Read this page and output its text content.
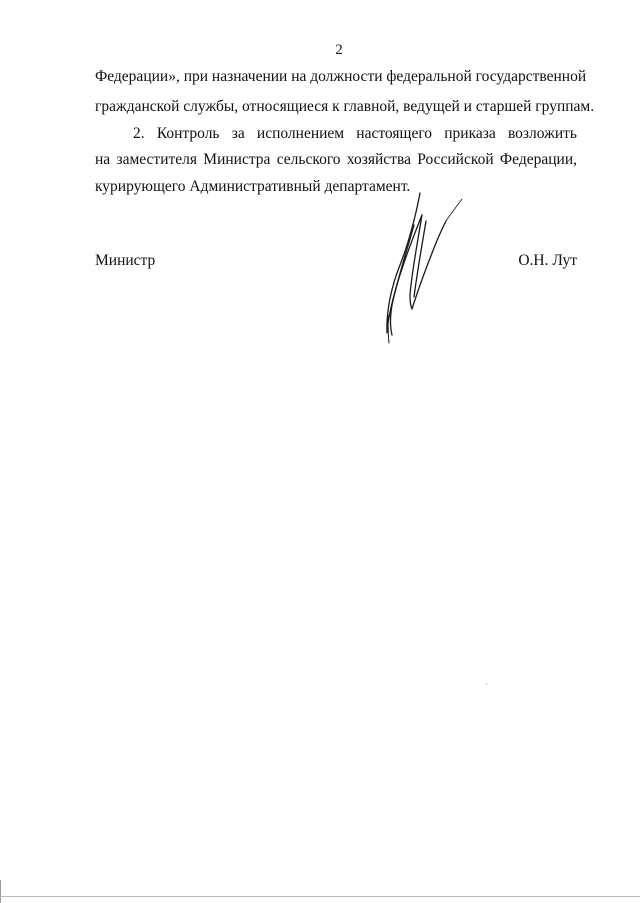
2
Федерации», при назначении на должности федеральной государственной
гражданской службы, относящиеся к главной, ведущей и старшей группам.
2. Контроль за исполнением настоящего приказа возложить
на заместителя Министра сельского хозяйства Российской Федерации,
курирующего Административный департамент.
Министр	О.Н. Лут
